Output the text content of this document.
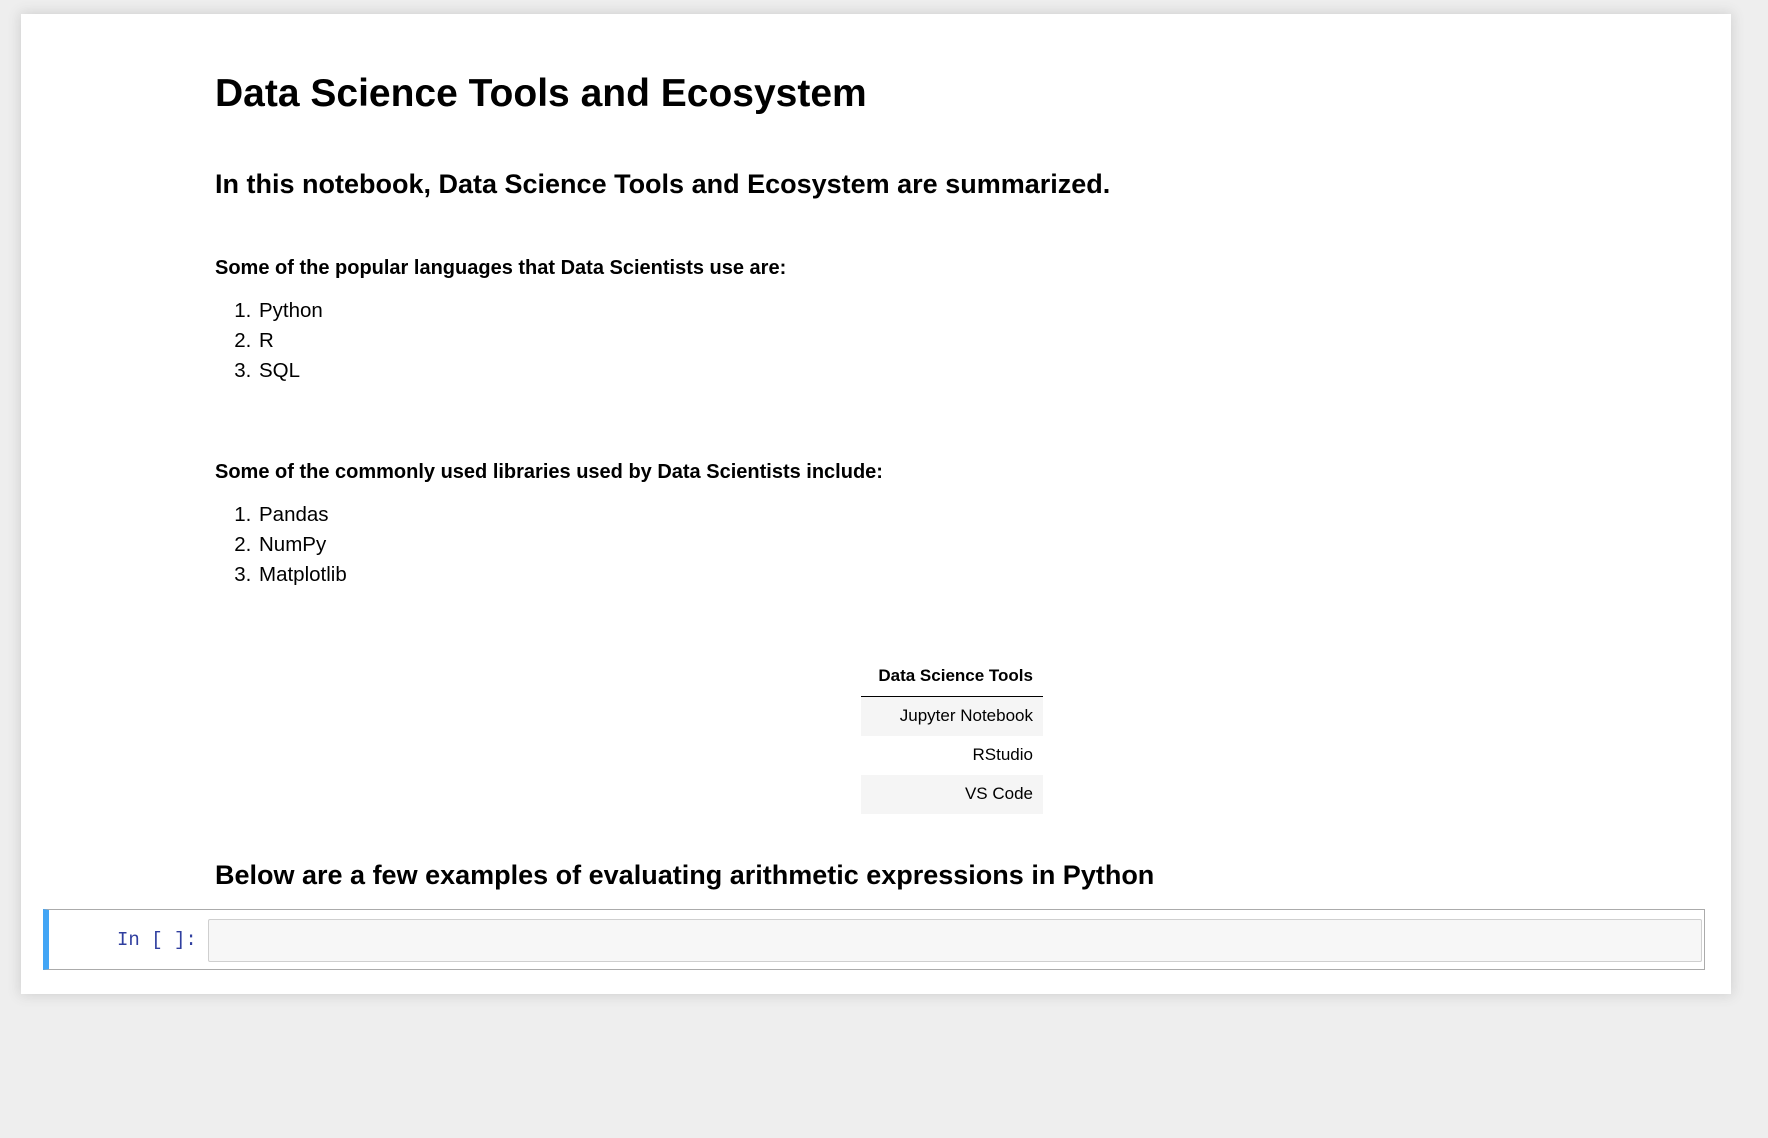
Data Science Tools and Ecosystem
In this notebook, Data Science Tools and Ecosystem are summarized.

Some of the popular languages that Data Scientists use are:

1. Python
2. R
3. SQL

Some of the commonly used libraries used by Data Scientists include:

1. Pandas
2. NumPy
3. Matplotlib
Data Science Tools
Jupyter Notebook
RStudio
VS Code
Below are a few examples of evaluating arithmetic expressions in Python
In [ ]:
